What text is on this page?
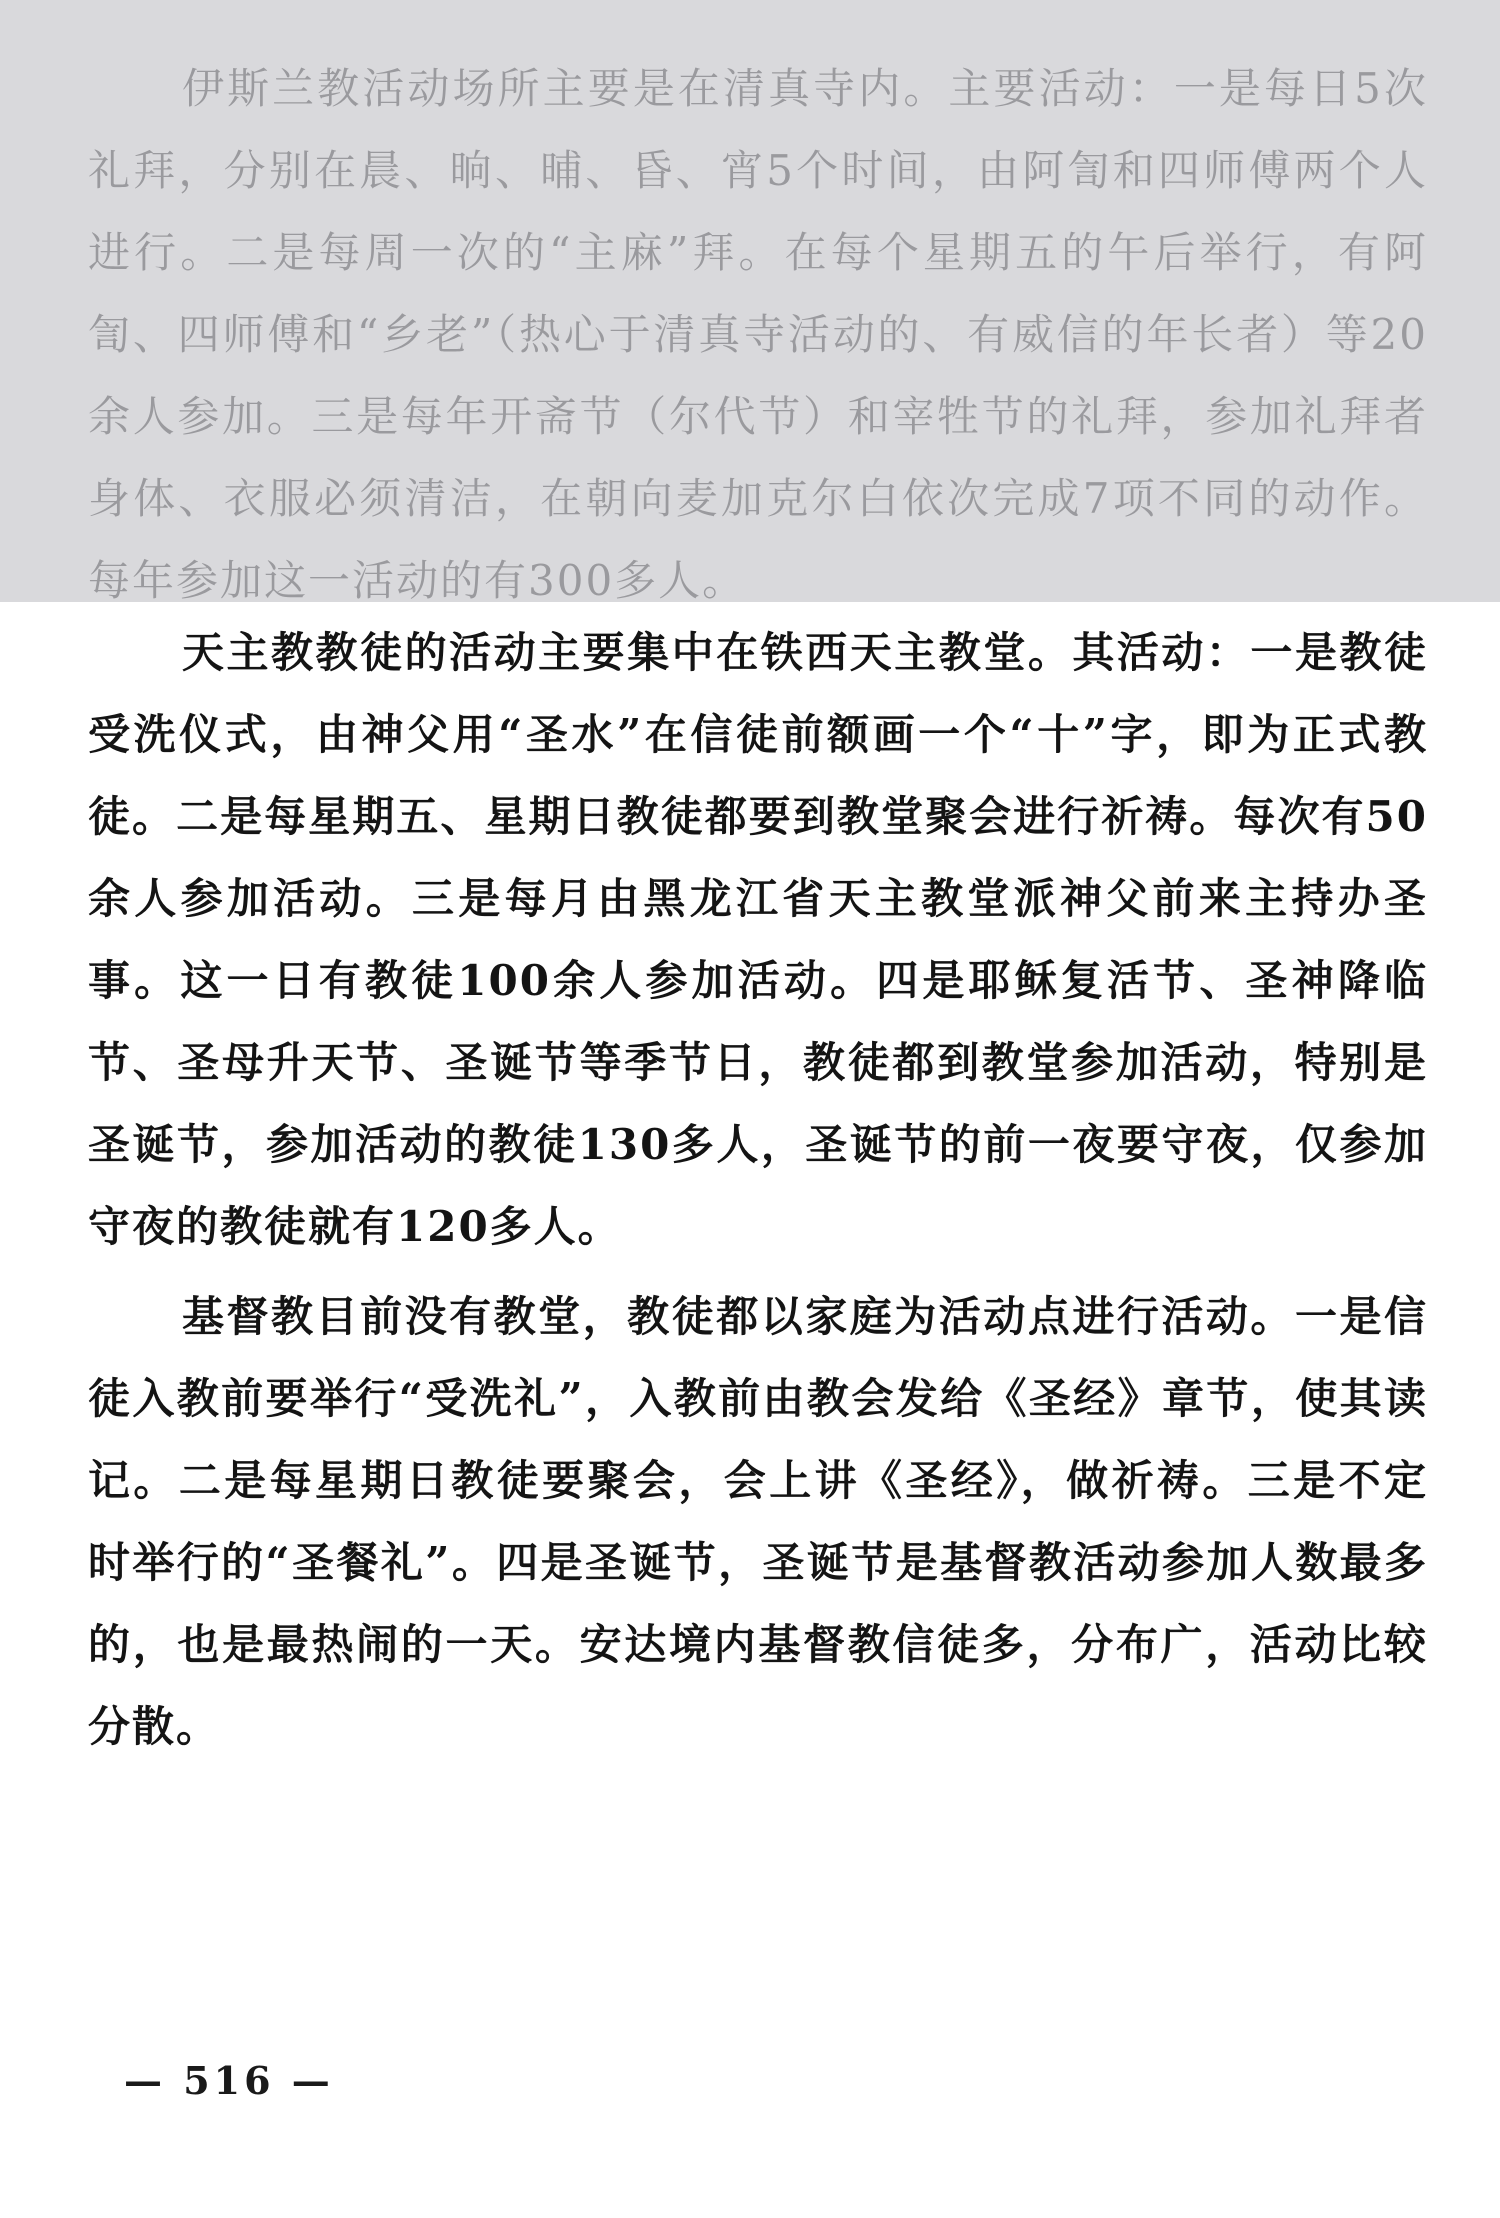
伊斯兰教活动场所主要是在清真寺内。主要活动：一是每日5次礼拜，分别在晨、晌、晡、昏、宵5个时间，由阿訇和四师傅两个人进行。二是每周一次的“主麻”拜。在每个星期五的午后举行，有阿訇、四师傅和“乡老”（热心于清真寺活动的、有威信的年长者）等20余人参加。三是每年开斋节（尔代节）和宰牲节的礼拜，参加礼拜者身体、衣服必须清洁，在朝向麦加克尔白依次完成7项不同的动作。每年参加这一活动的有300多人。

天主教教徒的活动主要集中在铁西天主教堂。其活动：一是教徒受洗仪式，由神父用“圣水”在信徒前额画一个“十”字，即为正式教徒。二是每星期五、星期日教徒都要到教堂聚会进行祈祷。每次有50余人参加活动。三是每月由黑龙江省天主教堂派神父前来主持办圣事。这一日有教徒100余人参加活动。四是耶稣复活节、圣神降临节、圣母升天节、圣诞节等季节日，教徒都到教堂参加活动，特别是圣诞节，参加活动的教徒130多人，圣诞节的前一夜要守夜，仅参加守夜的教徒就有120多人。

基督教目前没有教堂，教徒都以家庭为活动点进行活动。一是信徒入教前要举行“受洗礼”，入教前由教会发给《圣经》章节，使其读记。二是每星期日教徒要聚会，会上讲《圣经》，做祈祷。三是不定时举行的“圣餐礼”。四是圣诞节，圣诞节是基督教活动参加人数最多的，也是最热闹的一天。安达境内基督教信徒多，分布广，活动比较分散。

— 516 —
